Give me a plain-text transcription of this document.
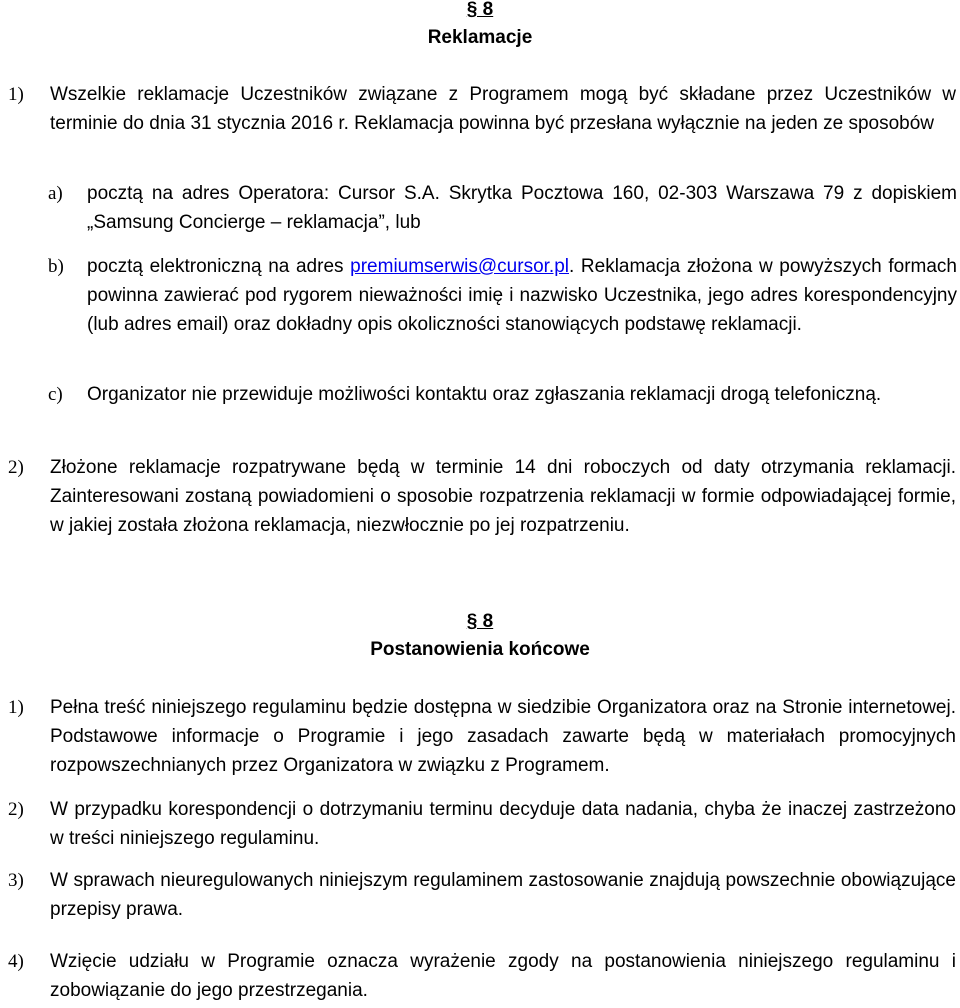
§ 8
Reklamacje
1) Wszelkie reklamacje Uczestników związane z Programem mogą być składane przez Uczestników w terminie do dnia 31 stycznia 2016 r. Reklamacja powinna być przesłana wyłącznie na jeden ze sposobów
a) pocztą na adres Operatora: Cursor S.A. Skrytka Pocztowa 160, 02-303 Warszawa 79 z dopiskiem „Samsung Concierge – reklamacja”, lub
b) pocztą elektroniczną na adres premiumserwis@cursor.pl. Reklamacja złożona w powyższych formach powinna zawierać pod rygorem nieważności imię i nazwisko Uczestnika, jego adres korespondencyjny (lub adres email) oraz dokładny opis okoliczności stanowiących podstawę reklamacji.
c) Organizator nie przewiduje możliwości kontaktu oraz zgłaszania reklamacji drogą telefoniczną.
2) Złożone reklamacje rozpatrywane będą w terminie 14 dni roboczych od daty otrzymania reklamacji. Zainteresowani zostaną powiadomieni o sposobie rozpatrzenia reklamacji w formie odpowiadającej formie, w jakiej została złożona reklamacja, niezwłocznie po jej rozpatrzeniu.
§ 8
Postanowienia końcowe
1) Pełna treść niniejszego regulaminu będzie dostępna w siedzibie Organizatora oraz na Stronie internetowej. Podstawowe informacje o Programie i jego zasadach zawarte będą w materiałach promocyjnych rozpowszechnianych przez Organizatora w związku z Programem.
2) W przypadku korespondencji o dotrzymaniu terminu decyduje data nadania, chyba że inaczej zastrzeżono w treści niniejszego regulaminu.
3) W sprawach nieuregulowanych niniejszym regulaminem zastosowanie znajdują powszechnie obowiązujące przepisy prawa.
4) Wzięcie udziału w Programie oznacza wyrażenie zgody na postanowienia niniejszego regulaminu i zobowiązanie do jego przestrzegania.
